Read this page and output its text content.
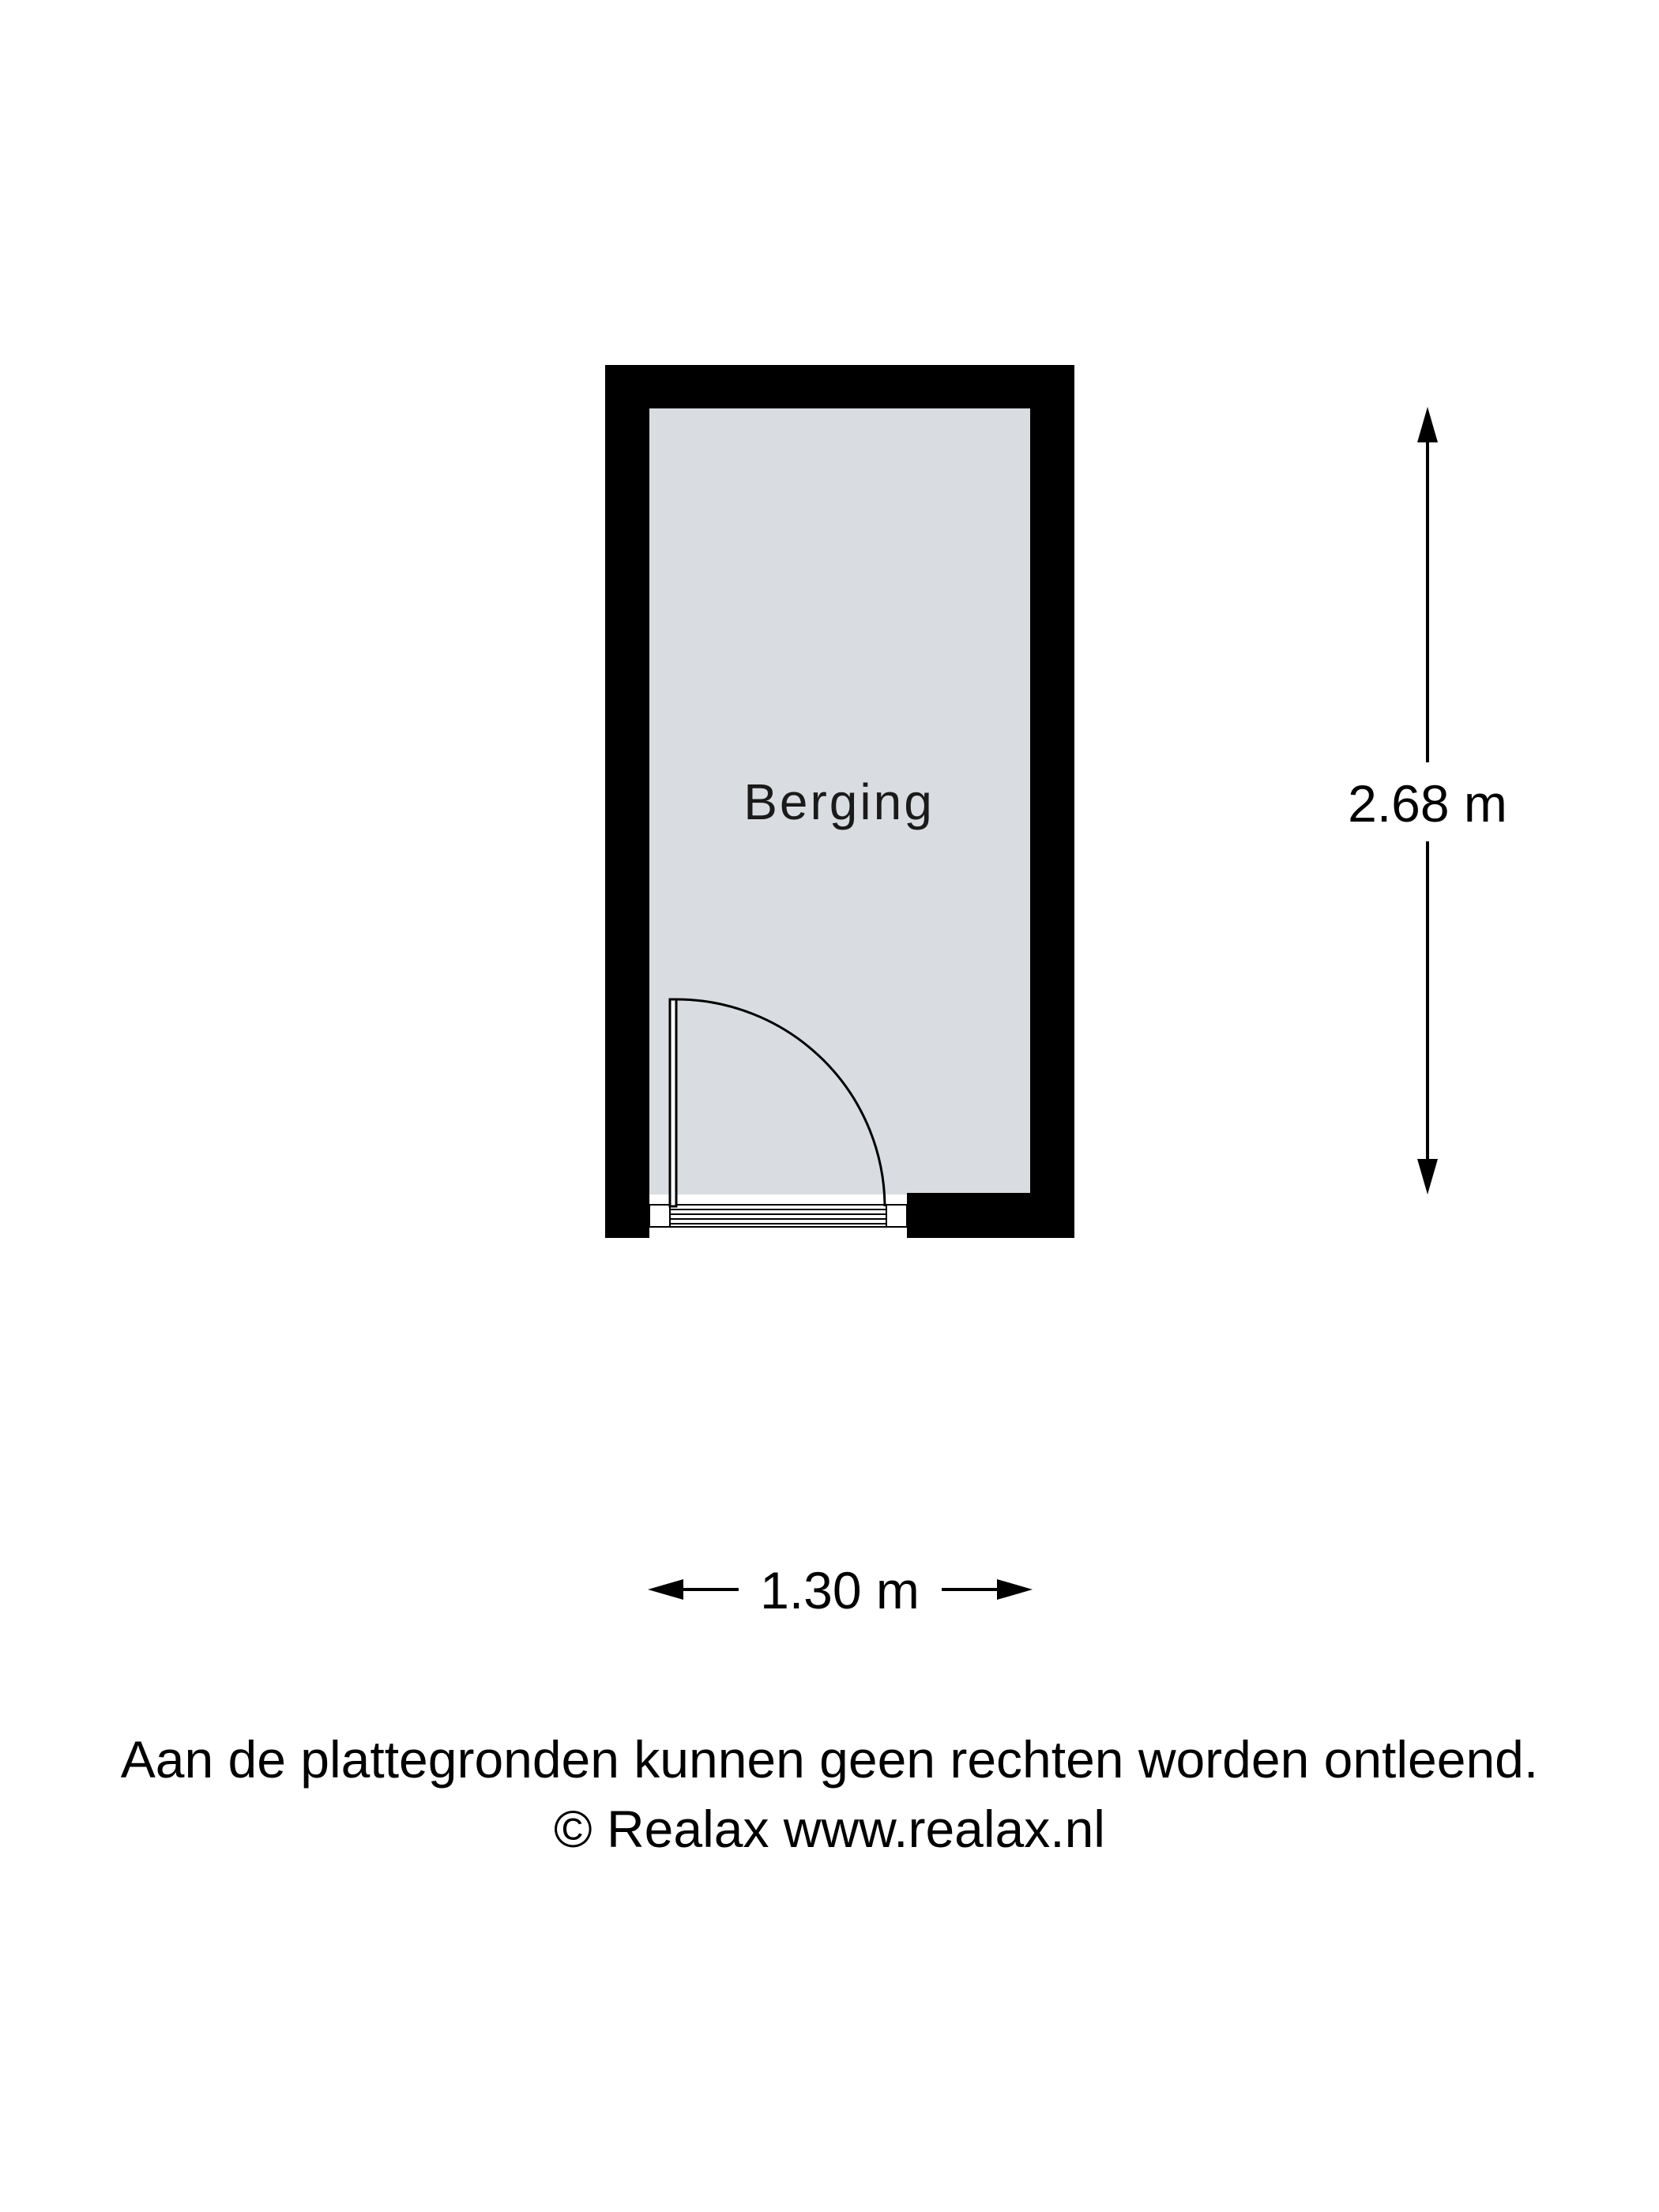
Berging	2.68 m
1.30 m
Aan de plattegronden kunnen geen rechten worden ontleend.
© Realax www.realax.nl
